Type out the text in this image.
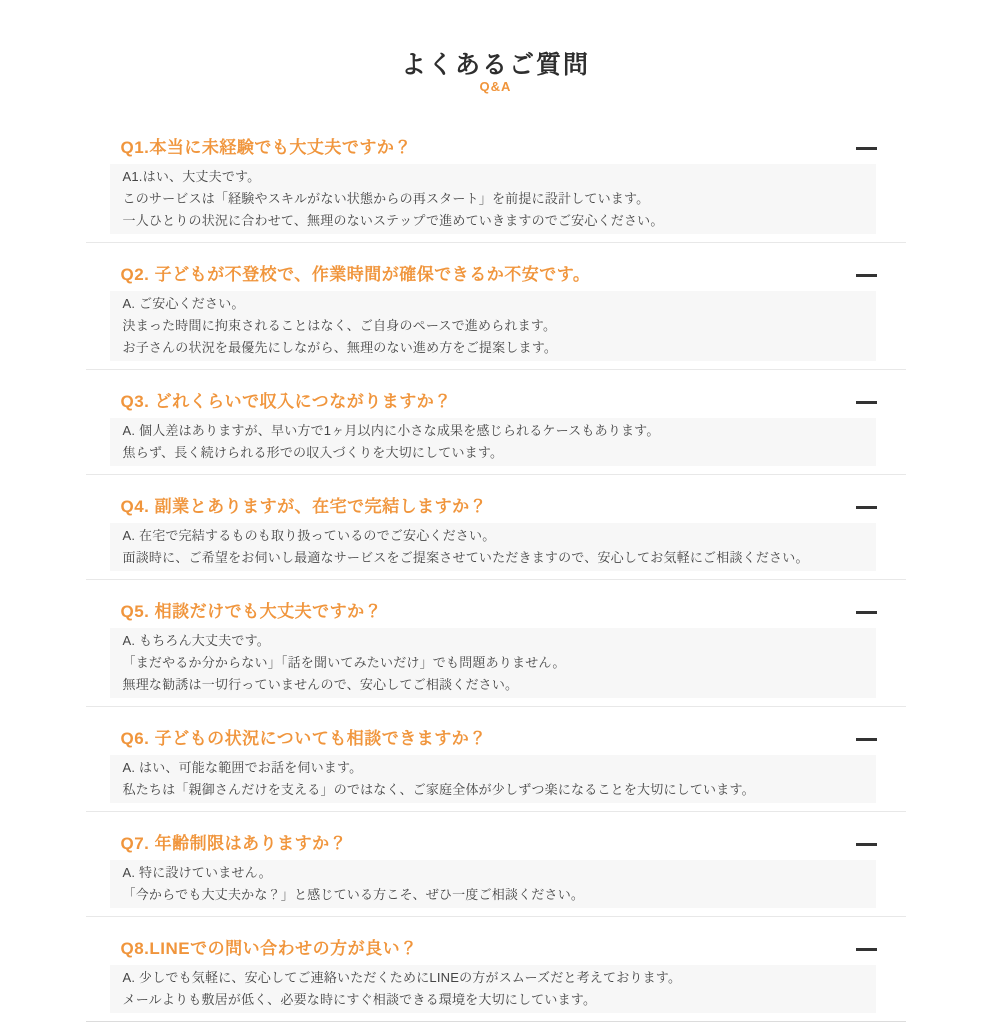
よくあるご質問

Q&A

Q1.本当に未経験でも大丈夫ですか？

A1.はい、大丈夫です。

このサービスは「経験やスキルがない状態からの再スタート」を前提に設計しています。

一人ひとりの状況に合わせて、無理のないステップで進めていきますのでご安心ください。

Q2. 子どもが不登校で、作業時間が確保できるか不安です。

A. ご安心ください。

決まった時間に拘束されることはなく、ご自身のペースで進められます。

お子さんの状況を最優先にしながら、無理のない進め方をご提案します。

Q3. どれくらいで収入につながりますか？

A. 個人差はありますが、早い方で1ヶ月以内に小さな成果を感じられるケースもあります。

焦らず、長く続けられる形での収入づくりを大切にしています。

Q4. 副業とありますが、在宅で完結しますか？

A. 在宅で完結するものも取り扱っているのでご安心ください。

面談時に、ご希望をお伺いし最適なサービスをご提案させていただきますので、安心してお気軽にご相談ください。

Q5. 相談だけでも大丈夫ですか？

A. もちろん大丈夫です。

「まだやるか分からない」「話を聞いてみたいだけ」でも問題ありません。

無理な勧誘は一切行っていませんので、安心してご相談ください。

Q6. 子どもの状況についても相談できますか？

A. はい、可能な範囲でお話を伺います。

私たちは「親御さんだけを支える」のではなく、ご家庭全体が少しずつ楽になることを大切にしています。

Q7. 年齢制限はありますか？

A. 特に設けていません。

「今からでも大丈夫かな？」と感じている方こそ、ぜひ一度ご相談ください。

Q8.LINEでの問い合わせの方が良い？

A. 少しでも気軽に、安心してご連絡いただくためにLINEの方がスムーズだと考えております。

メールよりも敷居が低く、必要な時にすぐ相談できる環境を大切にしています。
